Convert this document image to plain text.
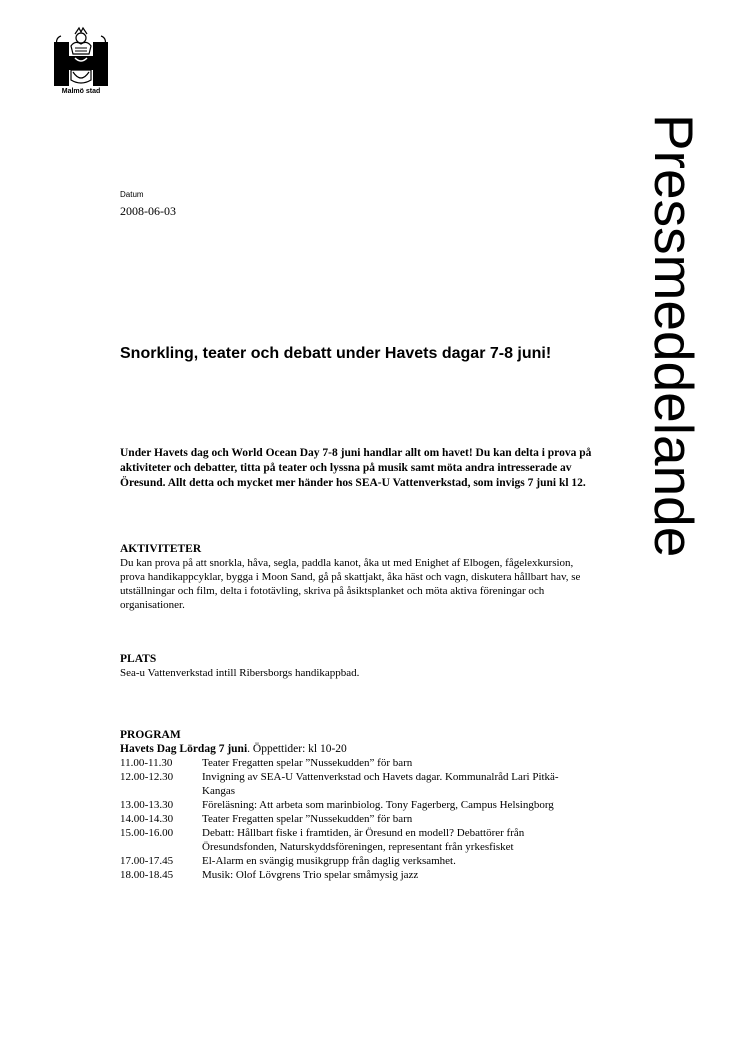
Malmö stad
Pressmeddelande
Datum
2008-06-03
Snorkling, teater och debatt under Havets dagar 7-8 juni!
Under Havets dag och World Ocean Day 7-8 juni handlar allt om havet! Du kan delta i prova på aktiviteter och debatter, titta på teater och lyssna på musik samt möta andra intresserade av Öresund. Allt detta och mycket mer händer hos SEA-U Vattenverkstad, som invigs 7 juni kl 12.
AKTIVITETER
Du kan prova på att snorkla, håva, segla, paddla kanot, åka ut med Enighet af Elbogen, fågelexkursion, prova handikappcyklar, bygga i Moon Sand, gå på skattjakt, åka häst och vagn, diskutera hållbart hav, se utställningar och film, delta i fototävling, skriva på åsiktsplanket och möta aktiva föreningar och organisationer.
PLATS
Sea-u Vattenverkstad intill Ribersborgs handikappbad.
PROGRAM
Havets Dag Lördag 7 juni. Öppettider: kl 10-20
11.00-11.30	Teater Fregatten spelar ”Nussekudden” för barn
12.00-12.30	Invigning av SEA-U Vattenverkstad och Havets dagar. Kommunalråd Lari Pitkä-Kangas
13.00-13.30	Föreläsning: Att arbeta som marinbiolog. Tony Fagerberg, Campus Helsingborg
14.00-14.30	Teater Fregatten spelar ”Nussekudden” för barn
15.00-16.00	Debatt: Hållbart fiske i framtiden, är Öresund en modell? Debattörer från Öresundsfonden, Naturskyddsföreningen, representant från yrkesfisket
17.00-17.45	El-Alarm en svängig musikgrupp från daglig verksamhet.
18.00-18.45	Musik: Olof Lövgrens Trio spelar småmysig jazz
